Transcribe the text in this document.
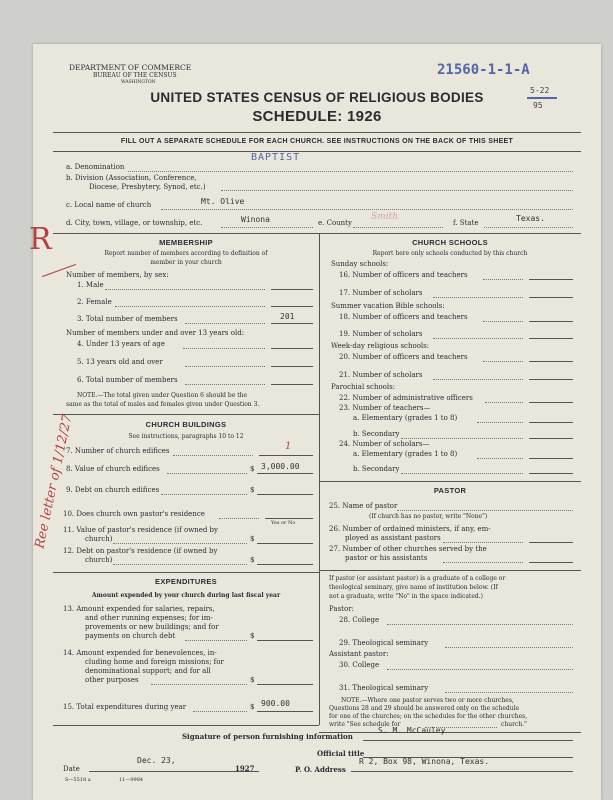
DEPARTMENT OF COMMERCE
BUREAU OF THE CENSUS
WASHINGTON
21560-1-1-A
5-22
95
UNITED STATES CENSUS OF RELIGIOUS BODIES
SCHEDULE: 1926
FILL OUT A SEPARATE SCHEDULE FOR EACH CHURCH. SEE INSTRUCTIONS ON THE BACK OF THIS SHEET
a. Denomination
BAPTIST
b. Division (Association, Conference,
Diocese, Presbytery, Synod, etc.)
c. Local name of church	Mt. Olive
d. City, town, village, or township, etc.	Winona	e. County
Smith
f. State	Texas.
MEMBERSHIP
Report number of members according to definition of
member in your church
Number of members, by sex:
1. Male
2. Female
3. Total number of members	201
Number of members under and over 13 years old:
4. Under 13 years of age
5. 13 years old and over
6. Total number of members
NOTE.—The total given under Question 6 should be the
same as the total of males and females given under Question 3.
CHURCH BUILDINGS
See instructions, paragraphs 10 to 12
7. Number of church edifices	1
8. Value of church edifices	$ 3,000.00
9. Debt on church edifices	$
10. Does church own pastor's residence
Yes or No
11. Value of pastor's residence (if owned by
church)	$
12. Debt on pastor's residence (if owned by
church)	$
EXPENDITURES
Amount expended by your church during last fiscal year
13. Amount expended for salaries, repairs,
and other running expenses; for im-
provements or new buildings; and for
payments on church debt	$
14. Amount expended for benevolences, in-
cluding home and foreign missions; for
denominational support; and for all
other purposes	$
15. Total expenditures during year	$ 900.00
CHURCH SCHOOLS
Report here only schools conducted by this church
Sunday schools:
16. Number of officers and teachers
17. Number of scholars
Summer vacation Bible schools:
18. Number of officers and teachers
19. Number of scholars
Week-day religious schools:
20. Number of officers and teachers
21. Number of scholars
Parochial schools:
22. Number of administrative officers
23. Number of teachers—
a. Elementary (grades 1 to 8)
b. Secondary
24. Number of scholars—
a. Elementary (grades 1 to 8)
b. Secondary
PASTOR
25. Name of pastor
(If church has no pastor, write "None")
26. Number of ordained ministers, if any, em-
ployed as assistant pastors
27. Number of other churches served by the
pastor or his assistants
If pastor (or assistant pastor) is a graduate of a college or
theological seminary, give name of institution below. (If
not a graduate, write "No" in the space indicated.)
Pastor:
28. College
29. Theological seminary
Assistant pastor:
30. College
31. Theological seminary
NOTE.—Where one pastor serves two or more churches,
Questions 28 and 29 should be answered only on the schedule
for one of the churches; on the schedules for the other churches,
write "See schedule for	church."
Signature of person furnishing information
S. M. McCauley
Official title
Dec. 23,
Date	1927	P. O. Address
R 2, Box 98, Winona, Texas.
S—5518 a	11—9984
R
Ree letter of 1/12/27
